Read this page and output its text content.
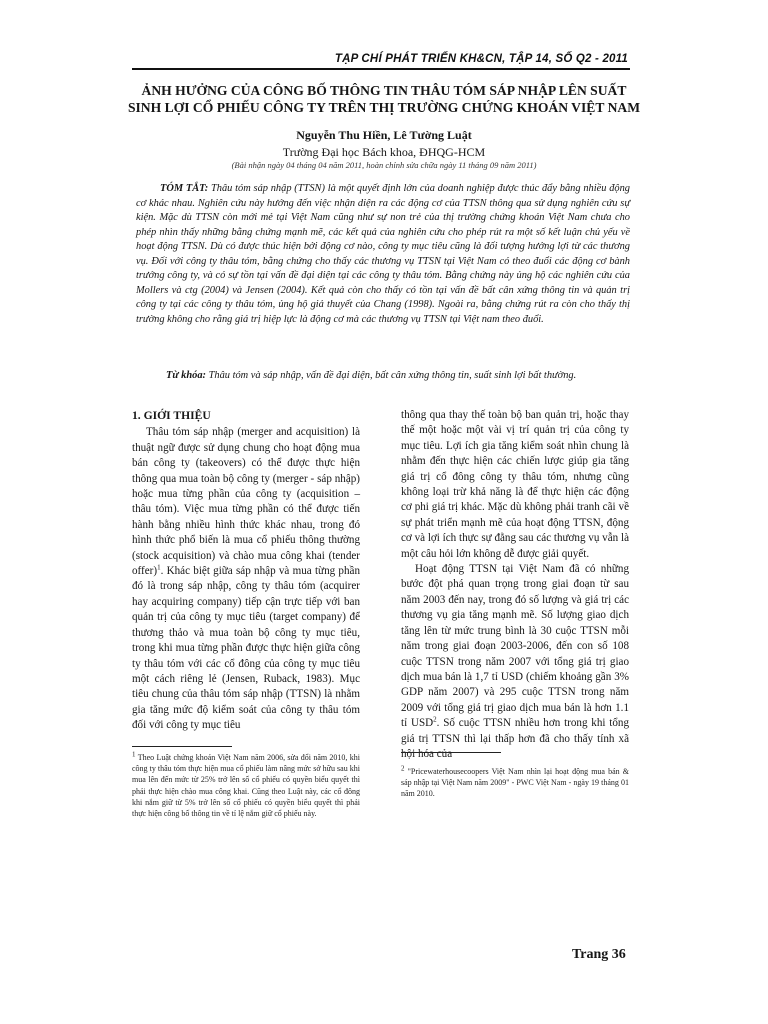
TẠP CHÍ PHÁT TRIỂN KH&CN, TẬP 14, SỐ Q2 - 2011
ẢNH HƯỞNG CỦA CÔNG BỐ THÔNG TIN THÂU TÓM SÁP NHẬP LÊN SUẤT
SINH LỢI CỔ PHIẾU CÔNG TY TRÊN THỊ TRƯỜNG CHỨNG KHOÁN VIỆT NAM
Nguyễn Thu Hiền, Lê Tường Luật
Trường Đại học Bách khoa, ĐHQG-HCM
(Bài nhận ngày 04 tháng 04 năm 2011, hoàn chỉnh sửa chữa ngày 11 tháng 09 năm 2011)

TÓM TẮT: Thâu tóm sáp nhập (TTSN) là một quyết định lớn của doanh nghiệp được thúc đẩy bằng nhiều động cơ khác nhau. Nghiên cứu này hướng đến việc nhận diện ra các động cơ của TTSN thông qua sử dụng nghiên cứu sự kiện. Mặc dù TTSN còn mới mẻ tại Việt Nam cũng như sự non trẻ của thị trường chứng khoán Việt Nam chưa cho phép nhìn thấy những bằng chứng mạnh mẽ, các kết quả của nghiên cứu cho phép rút ra một số kết luận chủ yếu về hoạt động TTSN. Dù có được thúc hiện bởi động cơ nào, công ty mục tiêu cũng là đối tượng hưởng lợi từ các thương vụ. Đối với công ty thâu tóm, bằng chứng cho thấy các thương vụ TTSN tại Việt Nam có theo đuổi các động cơ bành trướng công ty, và có sự tồn tại vấn đề đại diện tại các công ty thâu tóm. Bằng chứng này ủng hộ các nghiên cứu của Mollers và ctg (2004) và Jensen (2004). Kết quả còn cho thấy có tồn tại vấn đề bất cân xứng thông tin và quản trị công ty tại các công ty thâu tóm, ủng hộ giả thuyết của Chang (1998). Ngoài ra, bằng chứng rút ra còn cho thấy thị trường không cho rằng giá trị hiệp lực là động cơ mà các thương vụ TTSN tại Việt nam theo đuổi.

Từ khóa: Thâu tóm và sáp nhập, vấn đề đại diện, bất cân xứng thông tin, suất sinh lợi bất thường.

1. GIỚI THIỆU

Thâu tóm sáp nhập (merger and acquisition) là thuật ngữ được sử dụng chung cho hoạt động mua bán công ty (takeovers) có thể được thực hiện thông qua mua toàn bộ công ty (merger - sáp nhập) hoặc mua từng phần của công ty (acquisition – thâu tóm). Việc mua từng phần có thể được tiến hành bằng nhiều hình thức khác nhau, trong đó hình thức phổ biến là mua cổ phiếu thông thường (stock acquisition) và chào mua công khai (tender offer)$^1$. Khác biệt giữa sáp nhập và mua từng phần đó là trong sáp nhập, công ty thâu tóm (acquirer hay acquiring company) tiếp cận trực tiếp với ban quản trị của công ty mục tiêu (target company) để thương thảo và mua toàn bộ công ty mục tiêu, trong khi mua từng phần được thực hiện giữa công ty thâu tóm với các cổ đông của công ty mục tiêu một cách riêng lẻ (Jensen, Ruback, 1983). Mục tiêu chung của thâu tóm sáp nhập (TTSN) là nhằm gia tăng mức độ kiểm soát của công ty thâu tóm đối với công ty mục tiêu

thông qua thay thế toàn bộ ban quản trị, hoặc thay thế một hoặc một vài vị trí quản trị của công ty mục tiêu. Lợi ích gia tăng kiểm soát nhìn chung là nhằm đến thực hiện các chiến lược giúp gia tăng giá trị cổ đông công ty thâu tóm, nhưng cũng không loại trừ khả năng là để thực hiện các động cơ phi giá trị khác. Mặc dù không phải tranh cãi về sự phát triển mạnh mẽ của hoạt động TTSN, động cơ và lợi ích thực sự đằng sau các thương vụ vẫn là một câu hỏi lớn không dễ được giải quyết.

Hoạt động TTSN tại Việt Nam đã có những bước đột phá quan trọng trong giai đoạn từ sau năm 2003 đến nay, trong đó số lượng và giá trị các thương vụ gia tăng mạnh mẽ. Số lượng giao dịch tăng lên từ mức trung bình là 30 cuộc TTSN mỗi năm trong giai đoạn 2003-2006, đến con số 108 cuộc TTSN trong năm 2007 với tổng giá trị giao dịch mua bán là 1,7 tỉ USD (chiếm khoảng gần 3% GDP năm 2007) và 295 cuộc TTSN trong năm 2009 với tổng giá trị giao dịch mua bán là hơn 1.1 tỉ USD$^2$. Số cuộc TTSN nhiều hơn trong khi tổng giá trị TTSN thì lại thấp hơn đã cho thấy tính xã hội hóa của

$^1$ Theo Luật chứng khoán Việt Nam năm 2006, sửa đổi năm 2010, khi công ty thâu tóm thực hiện mua cổ phiếu làm nâng mức sở hữu sau khi mua lên đến mức từ 25% trở lên số cổ phiếu có quyền biểu quyết thì phải thực hiện chào mua công khai. Cũng theo Luật này, các cổ đông khi nắm giữ từ 5% trở lên số cổ phiếu có quyền biểu quyết thì phải thực hiện công bố thông tin về tỉ lệ nắm giữ cổ phiếu này.
$^2$ "Pricewaterhousecoopers Việt Nam nhìn lại hoạt động mua bán & sáp nhập tại Việt Nam năm 2009" - PWC Việt Nam - ngày 19 tháng 01 năm 2010.
Trang 36
